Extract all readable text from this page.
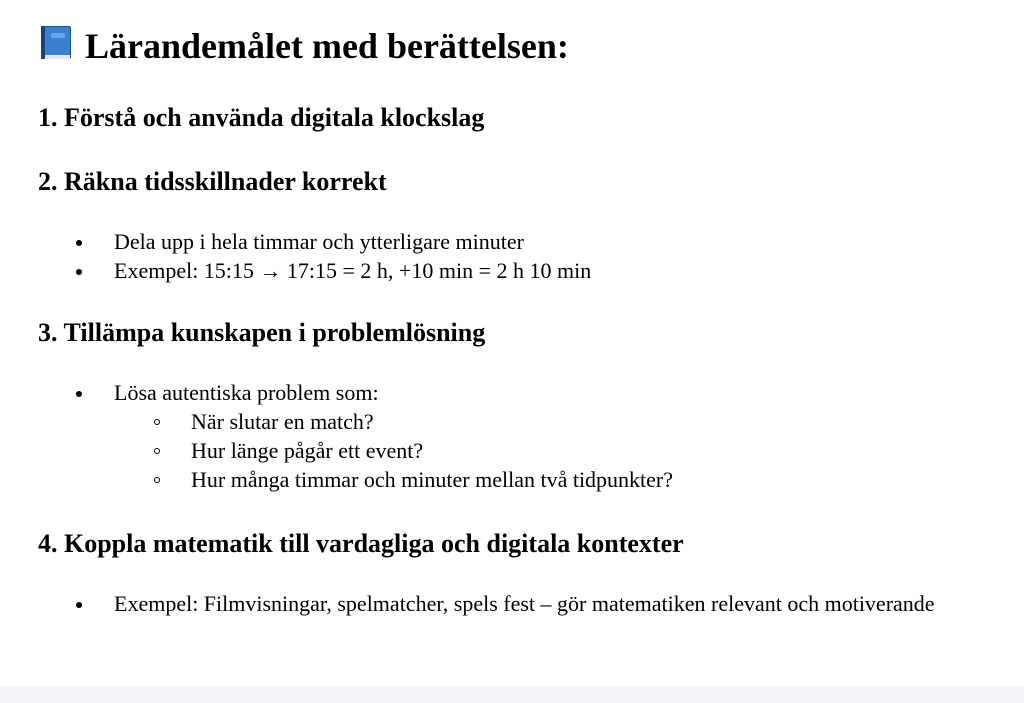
Lärandemålet med berättelsen:
1. Förstå och använda digitala klockslag
2. Räkna tidsskillnader korrekt
Dela upp i hela timmar och ytterligare minuter
Exempel: 15:15 → 17:15 = 2 h, +10 min = 2 h 10 min
3. Tillämpa kunskapen i problemlösning
Lösa autentiska problem som:
När slutar en match?
Hur länge pågår ett event?
Hur många timmar och minuter mellan två tidpunkter?
4. Koppla matematik till vardagliga och digitala kontexter
Exempel: Filmvisningar, spelmatcher, spels fest – gör matematiken relevant och motiverande
